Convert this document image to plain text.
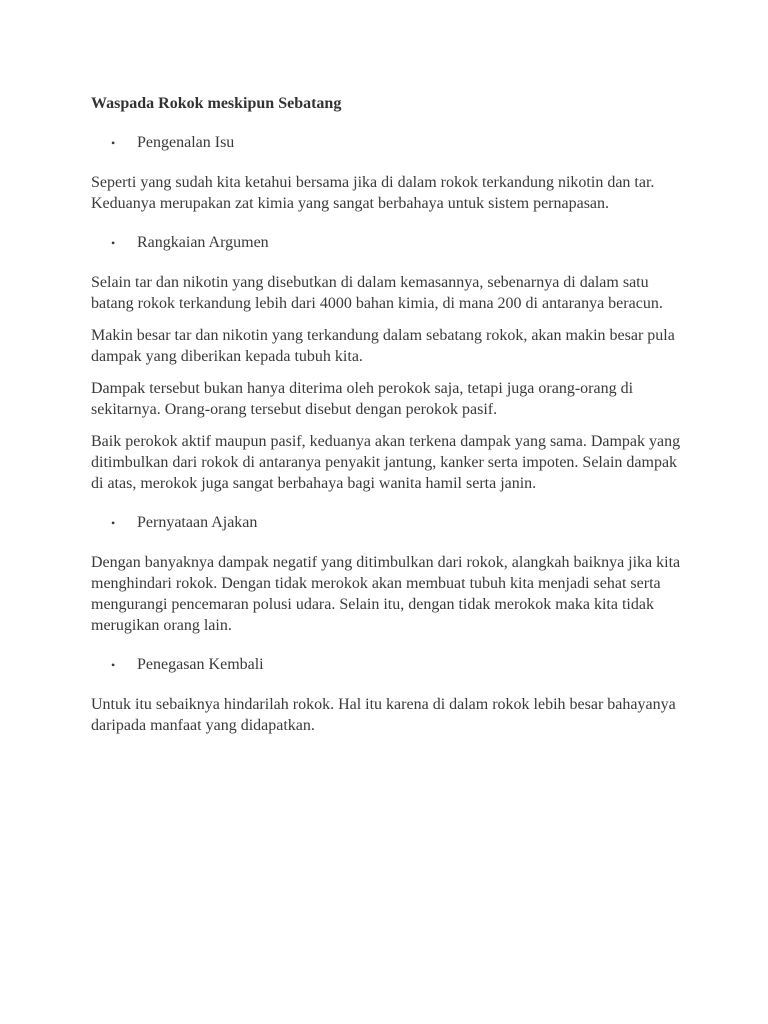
Waspada Rokok meskipun Sebatang
•	Pengenalan Isu

Seperti yang sudah kita ketahui bersama jika di dalam rokok terkandung nikotin dan tar. Keduanya merupakan zat kimia yang sangat berbahaya untuk sistem pernapasan.

•	Rangkaian Argumen

Selain tar dan nikotin yang disebutkan di dalam kemasannya, sebenarnya di dalam satu batang rokok terkandung lebih dari 4000 bahan kimia, di mana 200 di antaranya beracun.

Makin besar tar dan nikotin yang terkandung dalam sebatang rokok, akan makin besar pula dampak yang diberikan kepada tubuh kita.

Dampak tersebut bukan hanya diterima oleh perokok saja, tetapi juga orang-orang di sekitarnya. Orang-orang tersebut disebut dengan perokok pasif.

Baik perokok aktif maupun pasif, keduanya akan terkena dampak yang sama. Dampak yang ditimbulkan dari rokok di antaranya penyakit jantung, kanker serta impoten. Selain dampak di atas, merokok juga sangat berbahaya bagi wanita hamil serta janin.

•	Pernyataan Ajakan

Dengan banyaknya dampak negatif yang ditimbulkan dari rokok, alangkah baiknya jika kita menghindari rokok. Dengan tidak merokok akan membuat tubuh kita menjadi sehat serta mengurangi pencemaran polusi udara. Selain itu, dengan tidak merokok maka kita tidak merugikan orang lain.

•	Penegasan Kembali

Untuk itu sebaiknya hindarilah rokok. Hal itu karena di dalam rokok lebih besar bahayanya daripada manfaat yang didapatkan.
